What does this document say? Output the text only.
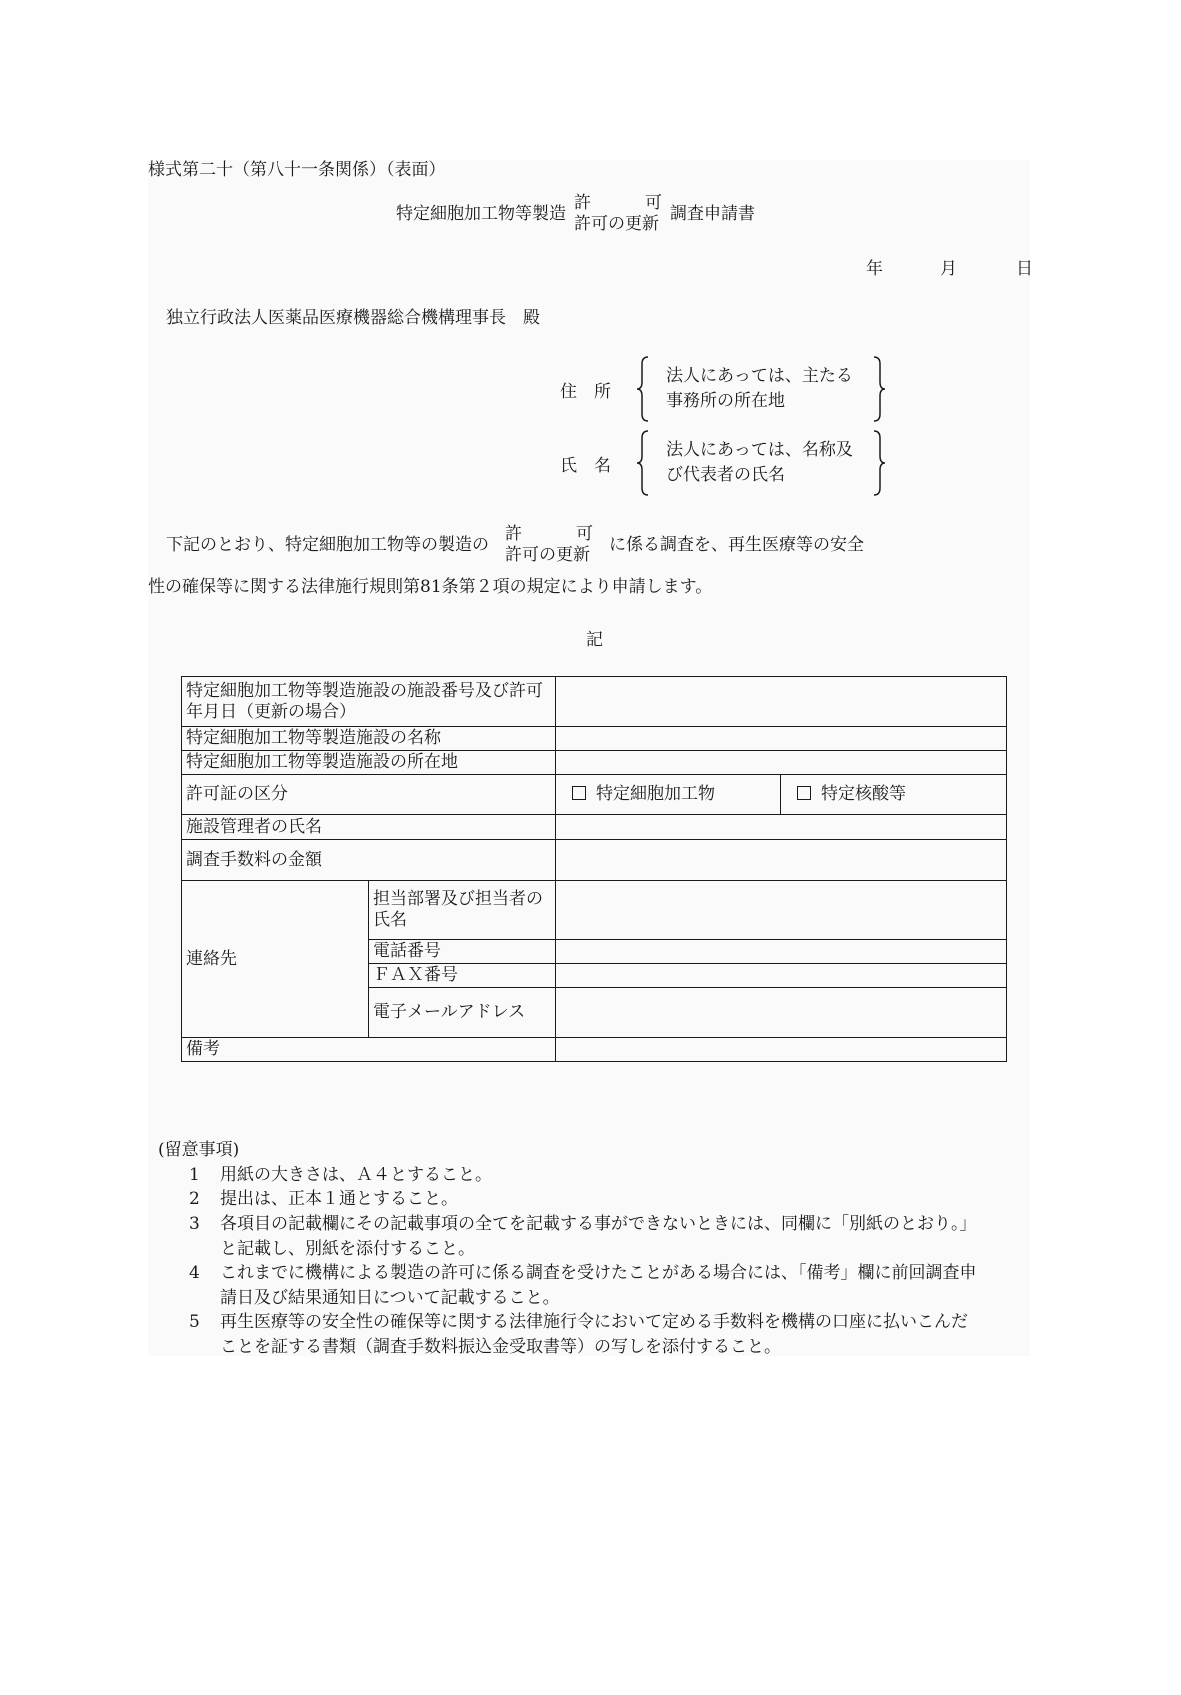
様式第二十（第八十一条関係）（表面）
特定細胞加工物等製造
許	可
許可の更新
調査申請書
年	月	日
独立行政法人医薬品医療機器総合機構理事長　殿
住　所
法人にあっては、主たる事務所の所在地
氏　名
法人にあっては、名称及び代表者の氏名
下記のとおり、特定細胞加工物等の製造の
許	可
許可の更新
に係る調査を、再生医療等の安全
性の確保等に関する法律施行規則第81条第２項の規定により申請します。
記
特定細胞加工物等製造施設の施設番号及び許可年月日（更新の場合）			
特定細胞加工物等製造施設の名称			
特定細胞加工物等製造施設の所在地			
許可証の区分		特定細胞加工物	特定核酸等
施設管理者の氏名			
調査手数料の金額			
連絡先	担当部署及び担当者の氏名		
	電話番号		
	ＦＡＸ番号		
	電子メールアドレス		
備考			
(留意事項)
1 用紙の大きさは、Ａ４とすること。
2 提出は、正本１通とすること。
3 各項目の記載欄にその記載事項の全てを記載する事ができないときには、同欄に「別紙のとおり。」と記載し、別紙を添付すること。
4 これまでに機構による製造の許可に係る調査を受けたことがある場合には、「備考」欄に前回調査申請日及び結果通知日について記載すること。
5 再生医療等の安全性の確保等に関する法律施行令において定める手数料を機構の口座に払いこんだことを証する書類（調査手数料振込金受取書等）の写しを添付すること。
